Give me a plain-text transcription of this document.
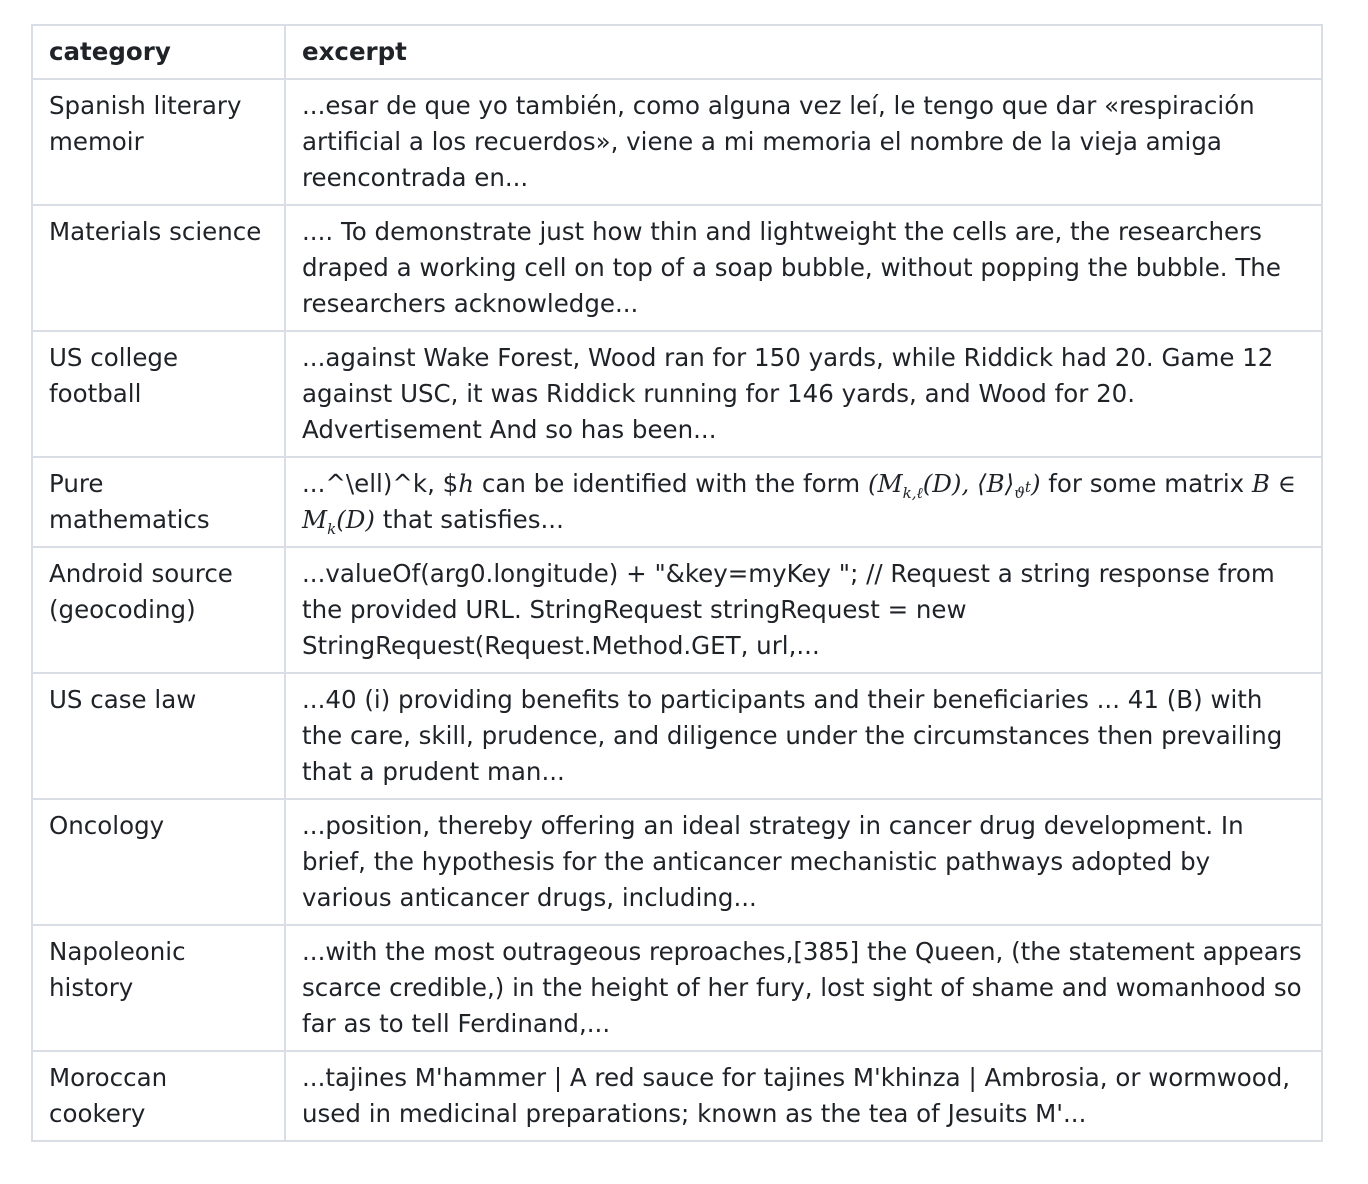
category	excerpt
Spanish literary memoir	...esar de que yo también, como alguna vez leí, le tengo que dar «respiración artificial a los recuerdos», viene a mi memoria el nombre de la vieja amiga reencontrada en...
Materials science	.... To demonstrate just how thin and lightweight the cells are, the researchers draped a working cell on top of a soap bubble, without popping the bubble. The researchers acknowledge...
US college football	...against Wake Forest, Wood ran for 150 yards, while Riddick had 20. Game 12 against USC, it was Riddick running for 146 yards, and Wood for 20. Advertisement And so has been...
Pure mathematics	...^\ell)^k, $h can be identified with the form ($M_{k,\ell}(D)$, $⟨B⟩_{ϑ^t}$) for some matrix B ∈ $M_k(D)$ that satisfies...
Android source (geocoding)	...valueOf(arg0.longitude) + "&key=myKey "; // Request a string response from the provided URL. StringRequest stringRequest = new StringRequest(Request.Method.GET, url,...
US case law	...40 (i) providing benefits to participants and their beneficiaries ... 41 (B) with the care, skill, prudence, and diligence under the circumstances then prevailing that a prudent man...
Oncology	...position, thereby offering an ideal strategy in cancer drug development. In brief, the hypothesis for the anticancer mechanistic pathways adopted by various anticancer drugs, including...
Napoleonic history	...with the most outrageous reproaches,[385] the Queen, (the statement appears scarce credible,) in the height of her fury, lost sight of shame and womanhood so far as to tell Ferdinand,...
Moroccan cookery	...tajines M'hammer | A red sauce for tajines M'khinza | Ambrosia, or wormwood, used in medicinal preparations; known as the tea of Jesuits M'...
